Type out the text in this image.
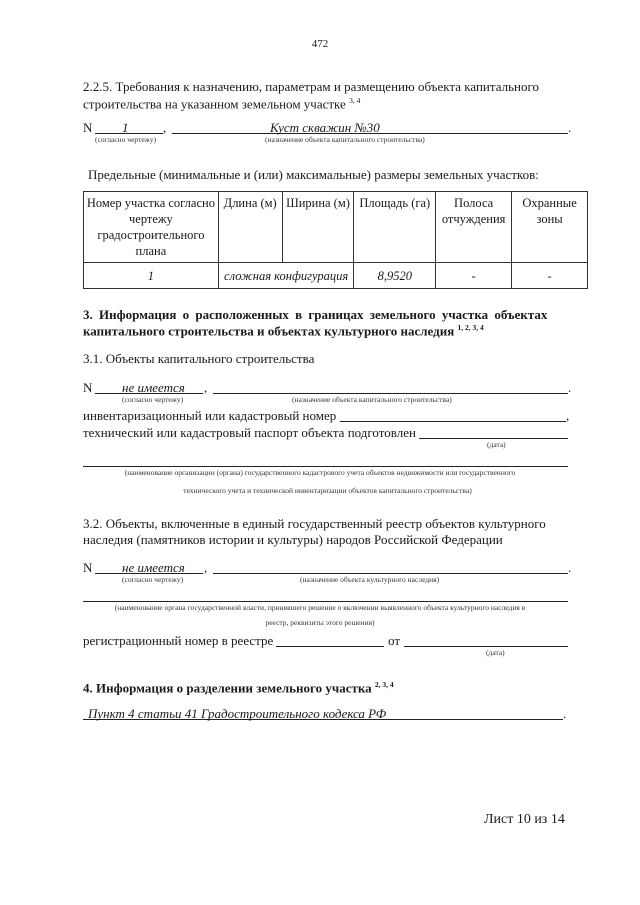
472
2.2.5. Требования к назначению, параметрам и размещению объекта капитального
строительства на указанном земельном участке $^{3, 4}$
N 1	,
(согласно чертежу)
Куст скважин №30	.
(назначение объекта капитального строительства)
Предельные (минимальные и (или) максимальные) размеры земельных участков:
Номер участка согласно чертежу градостроительного плана	Длина (м)	Ширина (м)	Площадь (га)	Полоса отчуждения	Охранные зоны
1	сложная конфигурация		8,9520	-	-
3. Информация о расположенных в границах земельного участка объектах
капитального строительства и объектах культурного наследия $^{1, 2, 3, 4}$
3.1. Объекты капитального строительства
N не имеется ,
(согласно чертежу)
.
(назначение объекта капитального строительства)
инвентаризационный или кадастровый номер	,
технический или кадастровый паспорт объекта подготовлен
(дата)
(наименование организации (органа) государственного кадастрового учета объектов недвижимости или государственного
технического учета и технической инвентаризации объектов капитального строительства)
3.2. Объекты, включенные в единый государственный реестр объектов культурного
наследия (памятников истории и культуры) народов Российской Федерации
N не имеется ,
(согласно чертежу)
.
(назначение объекта культурного наследия)
(наименование органа государственной власти, принявшего решение о включении выявленного объекта культурного наследия в
реестр, реквизиты этого решения)
регистрационный номер в реестре	от
(дата)
4. Информация о разделении земельного участка $^{2, 3, 4}$
Пункт 4 статьи 41 Градостроительного кодекса РФ	.
Лист 10 из 14
